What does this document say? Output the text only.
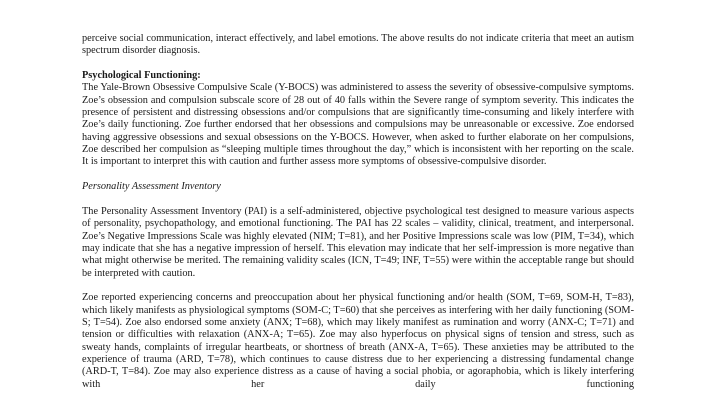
perceive social communication, interact effectively, and label emotions. The above results do not indicate criteria that meet an autism spectrum disorder diagnosis.

Psychological Functioning:

The Yale-Brown Obsessive Compulsive Scale (Y-BOCS) was administered to assess the severity of obsessive-compulsive symptoms. Zoe’s obsession and compulsion subscale score of 28 out of 40 falls within the Severe range of symptom severity. This indicates the presence of persistent and distressing obsessions and/or compulsions that are significantly time-consuming and likely interfere with Zoe’s daily functioning. Zoe further endorsed that her obsessions and compulsions may be unreasonable or excessive. Zoe endorsed having aggressive obsessions and sexual obsessions on the Y-BOCS. However, when asked to further elaborate on her compulsions, Zoe described her compulsion as “sleeping multiple times throughout the day,” which is inconsistent with her reporting on the scale. It is important to interpret this with caution and further assess more symptoms of obsessive-compulsive disorder.

Personality Assessment Inventory

The Personality Assessment Inventory (PAI) is a self-administered, objective psychological test designed to measure various aspects of personality, psychopathology, and emotional functioning. The PAI has 22 scales – validity, clinical, treatment, and interpersonal. Zoe’s Negative Impressions Scale was highly elevated (NIM; T=81), and her Positive Impressions scale was low (PIM, T=34), which may indicate that she has a negative impression of herself. This elevation may indicate that her self-impression is more negative than what might otherwise be merited. The remaining validity scales (ICN, T=49; INF, T=55) were within the acceptable range but should be interpreted with caution.

Zoe reported experiencing concerns and preoccupation about her physical functioning and/or health (SOM, T=69, SOM-H, T=83), which likely manifests as physiological symptoms (SOM-C; T=60) that she perceives as interfering with her daily functioning (SOM-S; T=54). Zoe also endorsed some anxiety (ANX; T=68), which may likely manifest as rumination and worry (ANX-C; T=71) and tension or difficulties with relaxation (ANX-A; T=65). Zoe may also hyperfocus on physical signs of tension and stress, such as sweaty hands, complaints of irregular heartbeats, or shortness of breath (ANX-A, T=65). These anxieties may be attributed to the experience of trauma (ARD, T=78), which continues to cause distress due to her experiencing a distressing fundamental change (ARD-T, T=84). Zoe may also experience distress as a cause of having a social phobia, or agoraphobia, which is likely interfering with her daily functioning
